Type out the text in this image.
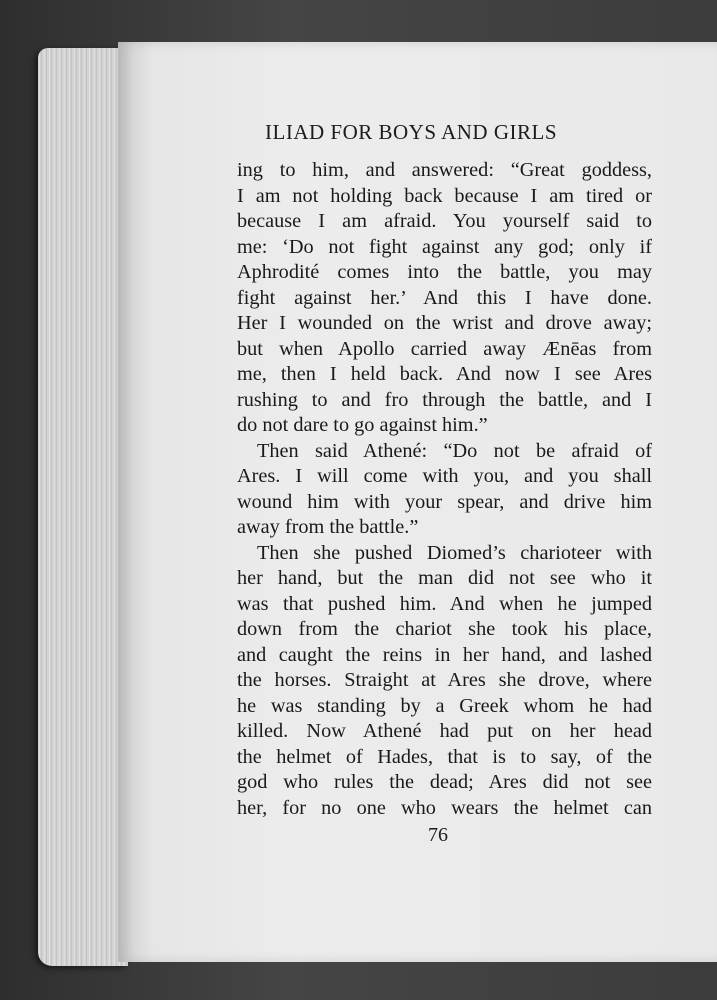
ILIAD FOR BOYS AND GIRLS
ing to him, and answered: “Great goddess,
I am not holding back because I am tired or
because I am afraid. You yourself said to
me: ‘Do not fight against any god; only if
Aphrodité comes into the battle, you may
fight against her.’ And this I have done.
Her I wounded on the wrist and drove away;
but when Apollo carried away Ænēas from
me, then I held back. And now I see Ares
rushing to and fro through the battle, and I
do not dare to go against him.”
Then said Athené: “Do not be afraid of
Ares. I will come with you, and you shall
wound him with your spear, and drive him
away from the battle.”
Then she pushed Diomed’s charioteer with
her hand, but the man did not see who it
was that pushed him. And when he jumped
down from the chariot she took his place,
and caught the reins in her hand, and lashed
the horses. Straight at Ares she drove, where
he was standing by a Greek whom he had
killed. Now Athené had put on her head
the helmet of Hades, that is to say, of the
god who rules the dead; Ares did not see
her, for no one who wears the helmet can
76
